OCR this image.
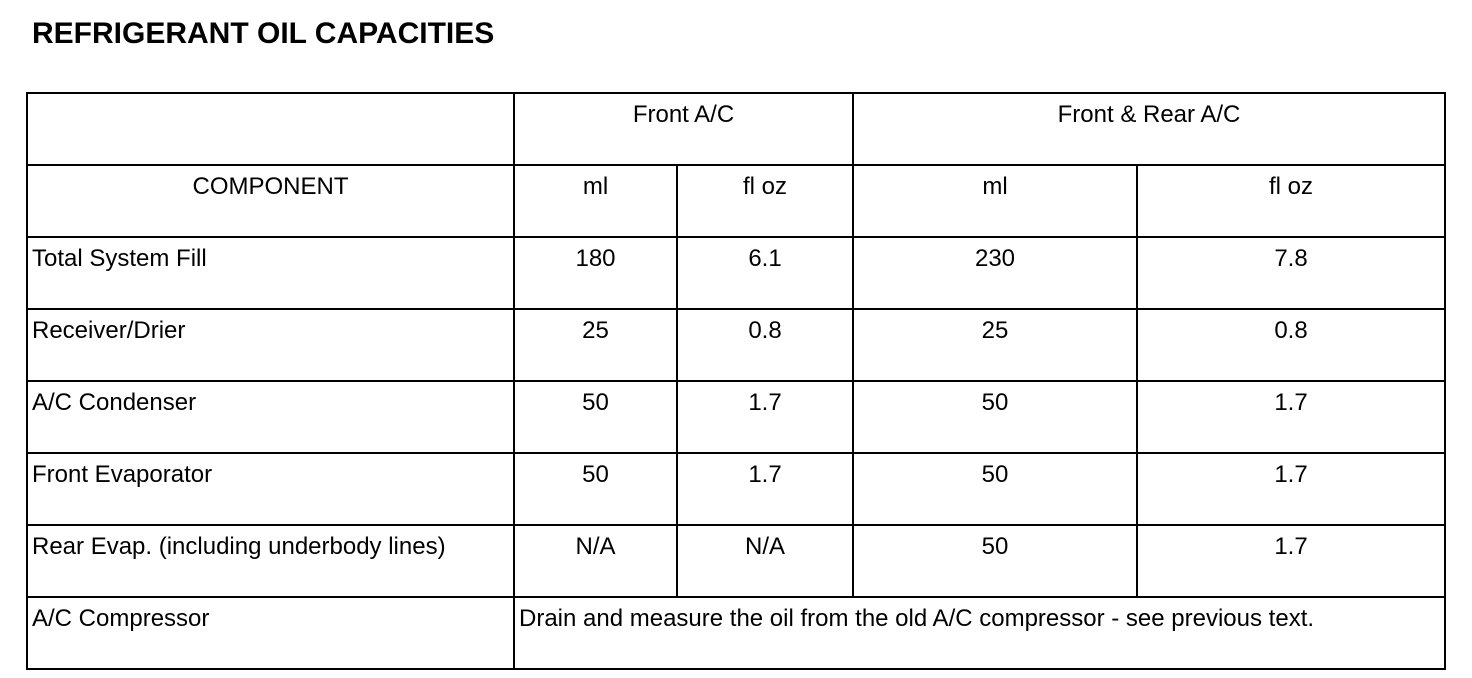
REFRIGERANT OIL CAPACITIES
	Front A/C		Front & Rear A/C	
COMPONENT	ml	fl oz	ml	fl oz
Total System Fill	180	6.1	230	7.8
Receiver/Drier	25	0.8	25	0.8
A/C Condenser	50	1.7	50	1.7
Front Evaporator	50	1.7	50	1.7
Rear Evap. (including underbody lines)	N/A	N/A	50	1.7
A/C Compressor	Drain and measure the oil from the old A/C compressor - see previous text.			
